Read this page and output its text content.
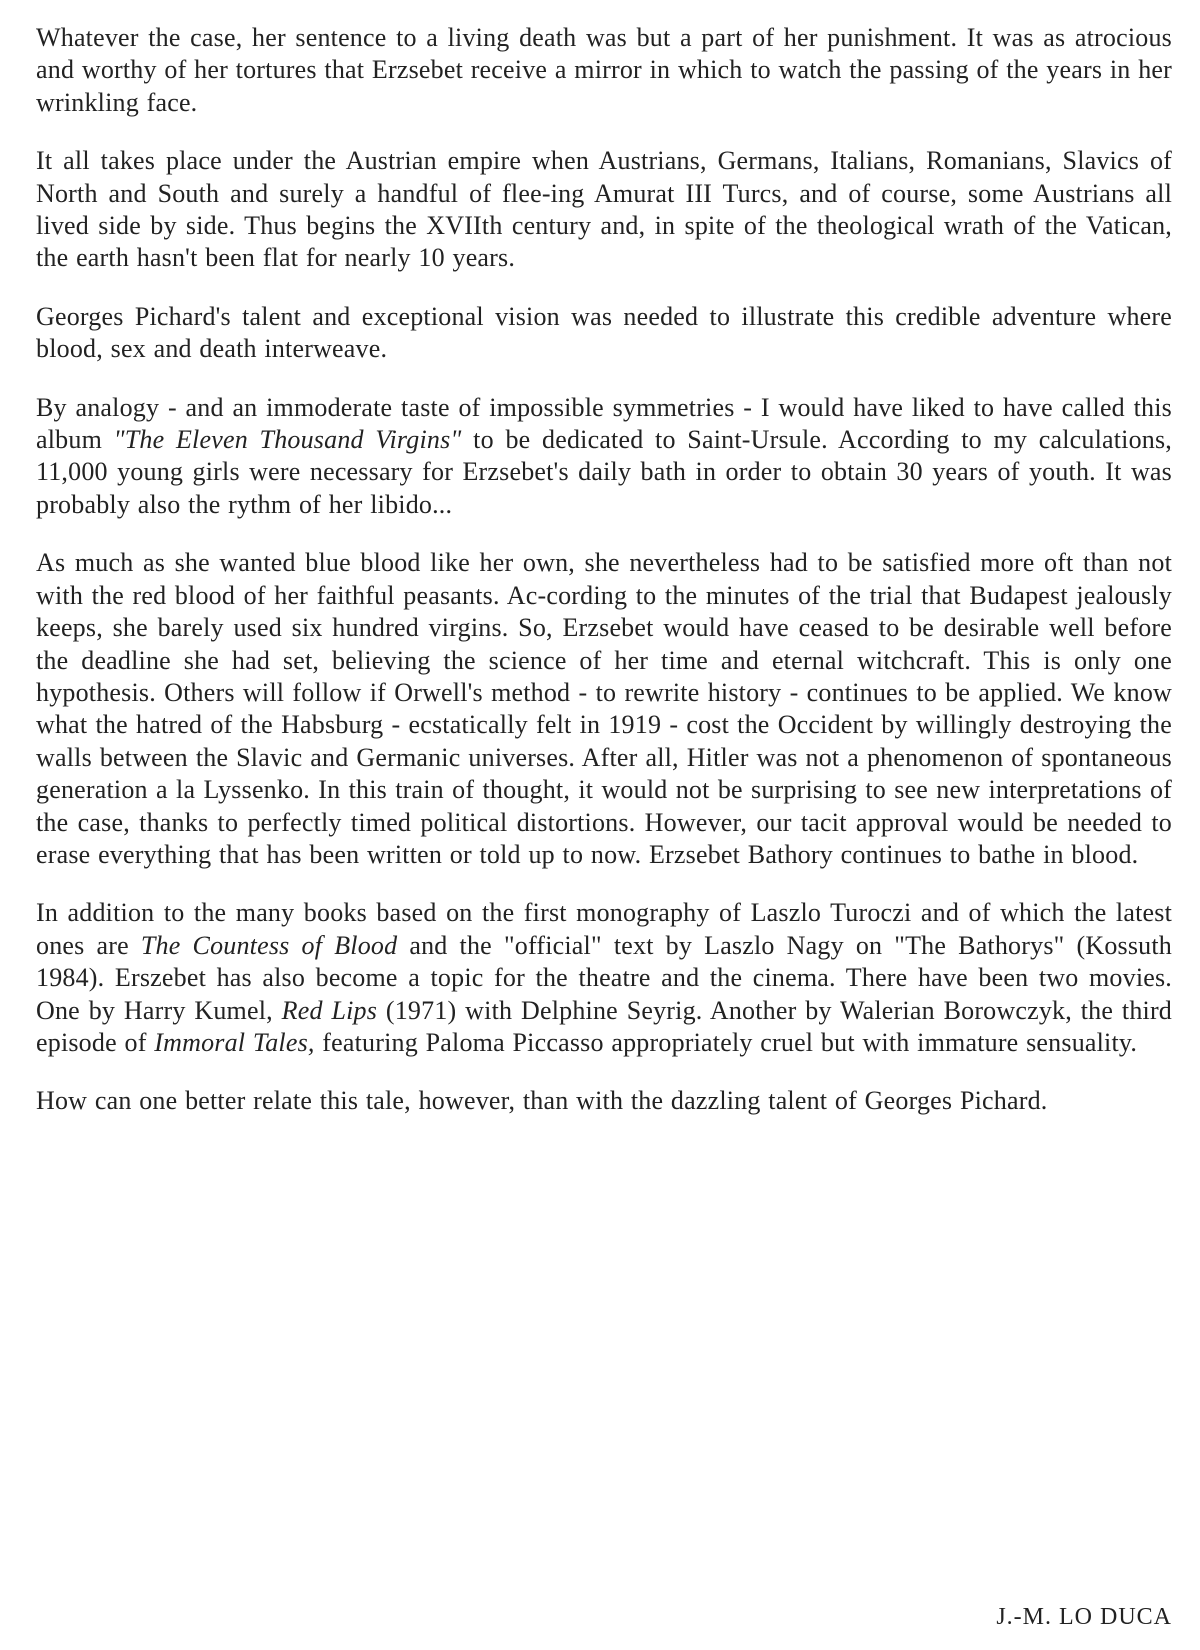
Whatever the case, her sentence to a living death was but a part of her punishment. It was as atrocious and worthy of her tortures that Erzsebet receive a mirror in which to watch the passing of the years in her wrinkling face.

It all takes place under the Austrian empire when Austrians, Germans, Italians, Romanians, Slavics of North and South and surely a handful of flee-ing Amurat III Turcs, and of course, some Austrians all lived side by side. Thus begins the XVIIth century and, in spite of the theological wrath of the Vatican, the earth hasn't been flat for nearly 10 years.

Georges Pichard's talent and exceptional vision was needed to illustrate this credible adventure where blood, sex and death interweave.

By analogy - and an immoderate taste of impossible symmetries - I would have liked to have called this album "The Eleven Thousand Virgins" to be dedicated to Saint-Ursule. According to my calculations, 11,000 young girls were necessary for Erzsebet's daily bath in order to obtain 30 years of youth. It was probably also the rythm of her libido...

As much as she wanted blue blood like her own, she nevertheless had to be satisfied more oft than not with the red blood of her faithful peasants. Ac-cording to the minutes of the trial that Budapest jealously keeps, she barely used six hundred virgins. So, Erzsebet would have ceased to be desirable well before the deadline she had set, believing the science of her time and eternal witchcraft. This is only one hypothesis. Others will follow if Orwell's method - to rewrite history - continues to be applied. We know what the hatred of the Habsburg - ecstatically felt in 1919 - cost the Occident by willingly destroying the walls between the Slavic and Germanic universes. After all, Hitler was not a phenomenon of spontaneous generation a la Lyssenko. In this train of thought, it would not be surprising to see new interpretations of the case, thanks to perfectly timed political distortions. However, our tacit approval would be needed to erase everything that has been written or told up to now. Erzsebet Bathory continues to bathe in blood.

In addition to the many books based on the first monography of Laszlo Turoczi and of which the latest ones are The Countess of Blood and the "official" text by Laszlo Nagy on "The Bathorys" (Kossuth 1984). Erszebet has also become a topic for the theatre and the cinema. There have been two movies. One by Harry Kumel, Red Lips (1971) with Delphine Seyrig. Another by Walerian Borowczyk, the third episode of Immoral Tales, featuring Paloma Piccasso appropriately cruel but with immature sensuality.

How can one better relate this tale, however, than with the dazzling talent of Georges Pichard.

J.-M. LO DUCA
